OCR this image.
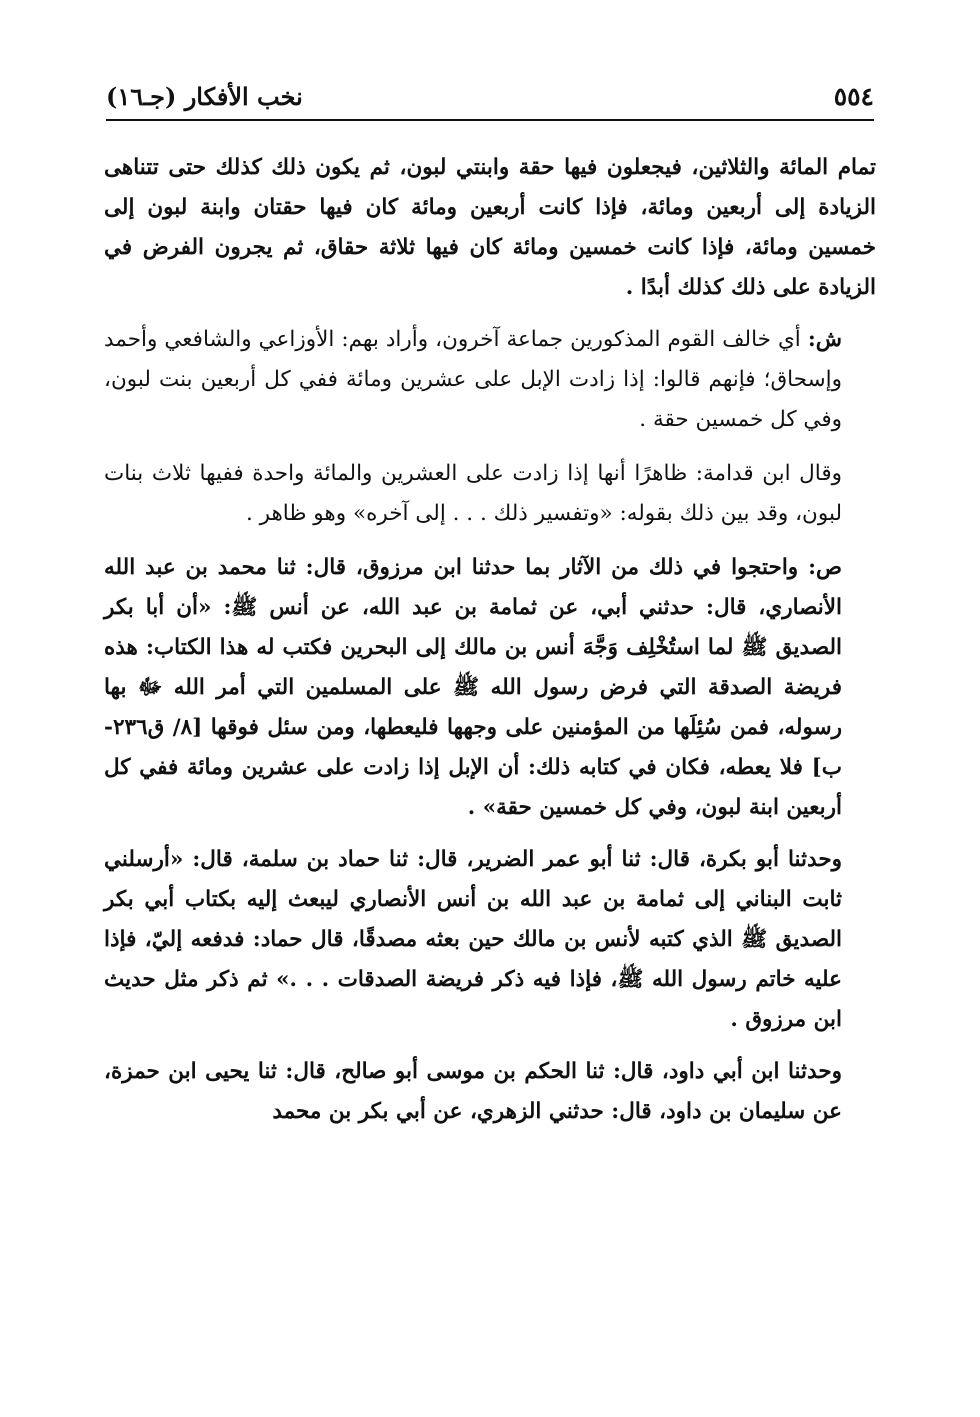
٥٥٤
نخب الأفكار (جـ١٦)

تمام المائة والثلاثين، فيجعلون فيها حقة وابنتي لبون، ثم يكون ذلك كذلك حتى تتناهى الزيادة إلى أربعين ومائة، فإذا كانت أربعين ومائة كان فيها حقتان وابنة لبون إلى خمسين ومائة، فإذا كانت خمسين ومائة كان فيها ثلاثة حقاق، ثم يجرون الفرض في الزيادة على ذلك كذلك أبدًا .

ش: أي خالف القوم المذكورين جماعة آخرون، وأراد بهم: الأوزاعي والشافعي وأحمد وإسحاق؛ فإنهم قالوا: إذا زادت الإبل على عشرين ومائة ففي كل أربعين بنت لبون، وفي كل خمسين حقة .

وقال ابن قدامة: ظاهرًا أنها إذا زادت على العشرين والمائة واحدة ففيها ثلاث بنات لبون، وقد بين ذلك بقوله: «وتفسير ذلك . . . إلى آخره» وهو ظاهر .

ص: واحتجوا في ذلك من الآثار بما حدثنا ابن مرزوق، قال: ثنا محمد بن عبد الله الأنصاري، قال: حدثني أبي، عن ثمامة بن عبد الله، عن أنس ﷺ: «أن أبا بكر الصديق ﷺ لما استُخْلِف وَجَّهَ أنس بن مالك إلى البحرين فكتب له هذا الكتاب: هذه فريضة الصدقة التي فرض رسول الله ﷺ على المسلمين التي أمر الله ﷻ بها رسوله، فمن سُئِلَها من المؤمنين على وجهها فليعطها، ومن سئل فوقها [٨/ ق٢٣٦-ب] فلا يعطه، فكان في كتابه ذلك: أن الإبل إذا زادت على عشرين ومائة ففي كل أربعين ابنة لبون، وفي كل خمسين حقة» .

وحدثنا أبو بكرة، قال: ثنا أبو عمر الضرير، قال: ثنا حماد بن سلمة، قال: «أرسلني ثابت البناني إلى ثمامة بن عبد الله بن أنس الأنصاري ليبعث إليه بكتاب أبي بكر الصديق ﷺ الذي كتبه لأنس بن مالك حين بعثه مصدقًا، قال حماد: فدفعه إليّ، فإذا عليه خاتم رسول الله ﷺ، فإذا فيه ذكر فريضة الصدقات . . .» ثم ذكر مثل حديث ابن مرزوق .

وحدثنا ابن أبي داود، قال: ثنا الحكم بن موسى أبو صالح، قال: ثنا يحيى ابن حمزة، عن سليمان بن داود، قال: حدثني الزهري، عن أبي بكر بن محمد
